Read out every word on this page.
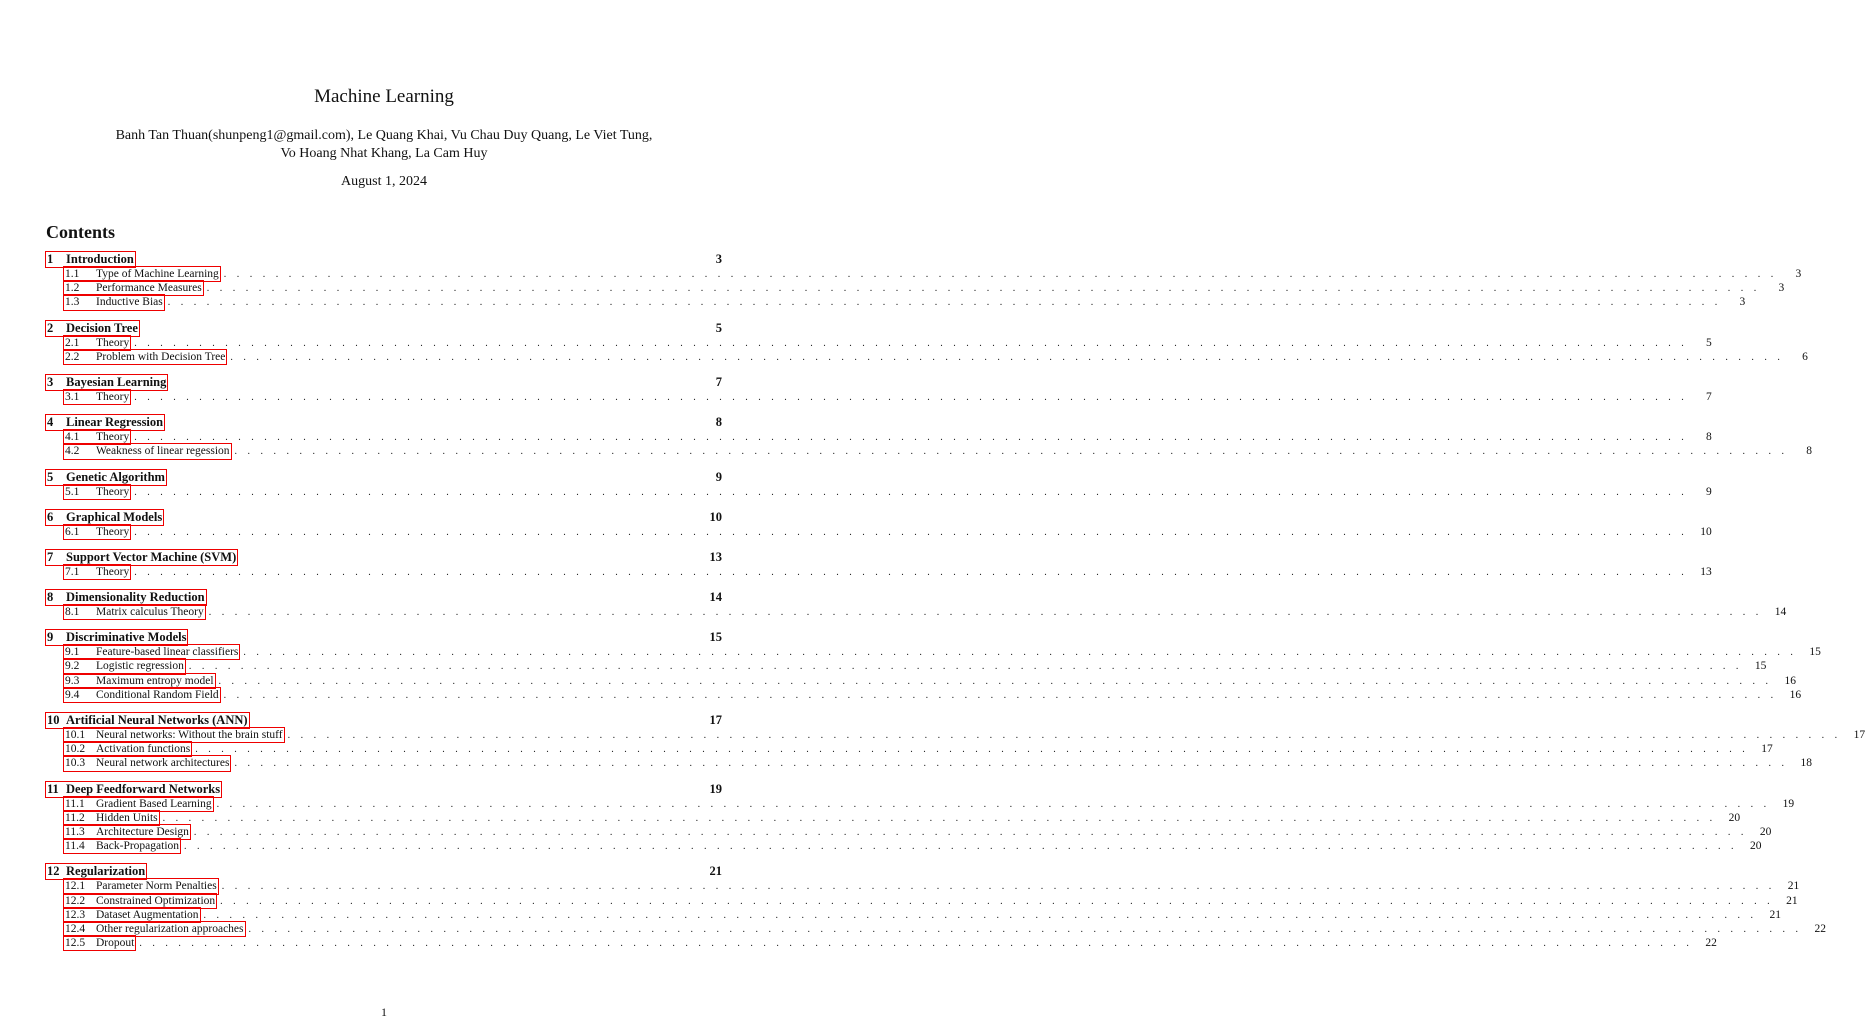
Machine Learning
Banh Tan Thuan(shunpeng1@gmail.com), Le Quang Khai, Vu Chau Duy Quang, Le Viet Tung,
Vo Hoang Nhat Khang, La Cam Huy
August 1, 2024
Contents
1 Introduction	3
1.1 Type of Machine Learning . . . . . . . . . . . . . . . . . . . . . . . . . . . . . . . . . . . . . . . . . . . . . . . . . . . . . . . . . . . . . . . . . . . . . . . . . . . . . . . . . . . . . . . . . . . . . . . . . . . . . . . . . . . . . . . . . . . . . . . .	3
1.2 Performance Measures . . . . . . . . . . . . . . . . . . . . . . . . . . . . . . . . . . . . . . . . . . . . . . . . . . . . . . . . . . . . . . . . . . . . . . . . . . . . . . . . . . . . . . . . . . . . . . . . . . . . . . . . . . . . . . . . . . . . . . . .	3
1.3 Inductive Bias . . . . . . . . . . . . . . . . . . . . . . . . . . . . . . . . . . . . . . . . . . . . . . . . . . . . . . . . . . . . . . . . . . . . . . . . . . . . . . . . . . . . . . . . . . . . . . . . . . . . . . . . . . . . . . . . . . . . . . . .	3
2 Decision Tree	5
2.1 Theory . . . . . . . . . . . . . . . . . . . . . . . . . . . . . . . . . . . . . . . . . . . . . . . . . . . . . . . . . . . . . . . . . . . . . . . . . . . . . . . . . . . . . . . . . . . . . . . . . . . . . . . . . . . . . . . . . . . . . . . .	5
2.2 Problem with Decision Tree . . . . . . . . . . . . . . . . . . . . . . . . . . . . . . . . . . . . . . . . . . . . . . . . . . . . . . . . . . . . . . . . . . . . . . . . . . . . . . . . . . . . . . . . . . . . . . . . . . . . . . . . . . . . . . . . . . . . . . . .	6
3 Bayesian Learning	7
3.1 Theory . . . . . . . . . . . . . . . . . . . . . . . . . . . . . . . . . . . . . . . . . . . . . . . . . . . . . . . . . . . . . . . . . . . . . . . . . . . . . . . . . . . . . . . . . . . . . . . . . . . . . . . . . . . . . . . . . . . . . . . .	7
4 Linear Regression	8
4.1 Theory . . . . . . . . . . . . . . . . . . . . . . . . . . . . . . . . . . . . . . . . . . . . . . . . . . . . . . . . . . . . . . . . . . . . . . . . . . . . . . . . . . . . . . . . . . . . . . . . . . . . . . . . . . . . . . . . . . . . . . . .	8
4.2 Weakness of linear regession . . . . . . . . . . . . . . . . . . . . . . . . . . . . . . . . . . . . . . . . . . . . . . . . . . . . . . . . . . . . . . . . . . . . . . . . . . . . . . . . . . . . . . . . . . . . . . . . . . . . . . . . . . . . . . . . . . . . . . . .	8
5 Genetic Algorithm	9
5.1 Theory . . . . . . . . . . . . . . . . . . . . . . . . . . . . . . . . . . . . . . . . . . . . . . . . . . . . . . . . . . . . . . . . . . . . . . . . . . . . . . . . . . . . . . . . . . . . . . . . . . . . . . . . . . . . . . . . . . . . . . . .	9
6 Graphical Models	10
6.1 Theory . . . . . . . . . . . . . . . . . . . . . . . . . . . . . . . . . . . . . . . . . . . . . . . . . . . . . . . . . . . . . . . . . . . . . . . . . . . . . . . . . . . . . . . . . . . . . . . . . . . . . . . . . . . . . . . . . . . . . . . .	10
7 Support Vector Machine (SVM)	13
7.1 Theory . . . . . . . . . . . . . . . . . . . . . . . . . . . . . . . . . . . . . . . . . . . . . . . . . . . . . . . . . . . . . . . . . . . . . . . . . . . . . . . . . . . . . . . . . . . . . . . . . . . . . . . . . . . . . . . . . . . . . . . .	13
8 Dimensionality Reduction	14
8.1 Matrix calculus Theory . . . . . . . . . . . . . . . . . . . . . . . . . . . . . . . . . . . . . . . . . . . . . . . . . . . . . . . . . . . . . . . . . . . . . . . . . . . . . . . . . . . . . . . . . . . . . . . . . . . . . . . . . . . . . . . . . . . . . . . .	14
9 Discriminative Models	15
9.1 Feature-based linear classifiers . . . . . . . . . . . . . . . . . . . . . . . . . . . . . . . . . . . . . . . . . . . . . . . . . . . . . . . . . . . . . . . . . . . . . . . . . . . . . . . . . . . . . . . . . . . . . . . . . . . . . . . . . . . . . . . . . . . . . . . .	15
9.2 Logistic regression . . . . . . . . . . . . . . . . . . . . . . . . . . . . . . . . . . . . . . . . . . . . . . . . . . . . . . . . . . . . . . . . . . . . . . . . . . . . . . . . . . . . . . . . . . . . . . . . . . . . . . . . . . . . . . . . . . . . . . . .	15
9.3 Maximum entropy model . . . . . . . . . . . . . . . . . . . . . . . . . . . . . . . . . . . . . . . . . . . . . . . . . . . . . . . . . . . . . . . . . . . . . . . . . . . . . . . . . . . . . . . . . . . . . . . . . . . . . . . . . . . . . . . . . . . . . . . .	16
9.4 Conditional Random Field . . . . . . . . . . . . . . . . . . . . . . . . . . . . . . . . . . . . . . . . . . . . . . . . . . . . . . . . . . . . . . . . . . . . . . . . . . . . . . . . . . . . . . . . . . . . . . . . . . . . . . . . . . . . . . . . . . . . . . . .	16
10 Artificial Neural Networks (ANN)	17
10.1 Neural networks: Without the brain stuff . . . . . . . . . . . . . . . . . . . . . . . . . . . . . . . . . . . . . . . . . . . . . . . . . . . . . . . . . . . . . . . . . . . . . . . . . . . . . . . . . . . . . . . . . . . . . . . . . . . . . . . . . . . . . . . . . . . . . . . .	17
10.2 Activation functions . . . . . . . . . . . . . . . . . . . . . . . . . . . . . . . . . . . . . . . . . . . . . . . . . . . . . . . . . . . . . . . . . . . . . . . . . . . . . . . . . . . . . . . . . . . . . . . . . . . . . . . . . . . . . . . . . . . . . . . .	17
10.3 Neural network architectures . . . . . . . . . . . . . . . . . . . . . . . . . . . . . . . . . . . . . . . . . . . . . . . . . . . . . . . . . . . . . . . . . . . . . . . . . . . . . . . . . . . . . . . . . . . . . . . . . . . . . . . . . . . . . . . . . . . . . . . .	18
11 Deep Feedforward Networks	19
11.1 Gradient Based Learning . . . . . . . . . . . . . . . . . . . . . . . . . . . . . . . . . . . . . . . . . . . . . . . . . . . . . . . . . . . . . . . . . . . . . . . . . . . . . . . . . . . . . . . . . . . . . . . . . . . . . . . . . . . . . . . . . . . . . . . .	19
11.2 Hidden Units . . . . . . . . . . . . . . . . . . . . . . . . . . . . . . . . . . . . . . . . . . . . . . . . . . . . . . . . . . . . . . . . . . . . . . . . . . . . . . . . . . . . . . . . . . . . . . . . . . . . . . . . . . . . . . . . . . . . . . . .	20
11.3 Architecture Design . . . . . . . . . . . . . . . . . . . . . . . . . . . . . . . . . . . . . . . . . . . . . . . . . . . . . . . . . . . . . . . . . . . . . . . . . . . . . . . . . . . . . . . . . . . . . . . . . . . . . . . . . . . . . . . . . . . . . . . .	20
11.4 Back-Propagation . . . . . . . . . . . . . . . . . . . . . . . . . . . . . . . . . . . . . . . . . . . . . . . . . . . . . . . . . . . . . . . . . . . . . . . . . . . . . . . . . . . . . . . . . . . . . . . . . . . . . . . . . . . . . . . . . . . . . . . .	20
12 Regularization	21
12.1 Parameter Norm Penalties . . . . . . . . . . . . . . . . . . . . . . . . . . . . . . . . . . . . . . . . . . . . . . . . . . . . . . . . . . . . . . . . . . . . . . . . . . . . . . . . . . . . . . . . . . . . . . . . . . . . . . . . . . . . . . . . . . . . . . . .	21
12.2 Constrained Optimization . . . . . . . . . . . . . . . . . . . . . . . . . . . . . . . . . . . . . . . . . . . . . . . . . . . . . . . . . . . . . . . . . . . . . . . . . . . . . . . . . . . . . . . . . . . . . . . . . . . . . . . . . . . . . . . . . . . . . . . .	21
12.3 Dataset Augmentation . . . . . . . . . . . . . . . . . . . . . . . . . . . . . . . . . . . . . . . . . . . . . . . . . . . . . . . . . . . . . . . . . . . . . . . . . . . . . . . . . . . . . . . . . . . . . . . . . . . . . . . . . . . . . . . . . . . . . . . .	21
12.4 Other regularization approaches . . . . . . . . . . . . . . . . . . . . . . . . . . . . . . . . . . . . . . . . . . . . . . . . . . . . . . . . . . . . . . . . . . . . . . . . . . . . . . . . . . . . . . . . . . . . . . . . . . . . . . . . . . . . . . . . . . . . . . . .	22
12.5 Dropout . . . . . . . . . . . . . . . . . . . . . . . . . . . . . . . . . . . . . . . . . . . . . . . . . . . . . . . . . . . . . . . . . . . . . . . . . . . . . . . . . . . . . . . . . . . . . . . . . . . . . . . . . . . . . . . . . . . . . . . .	22
1
